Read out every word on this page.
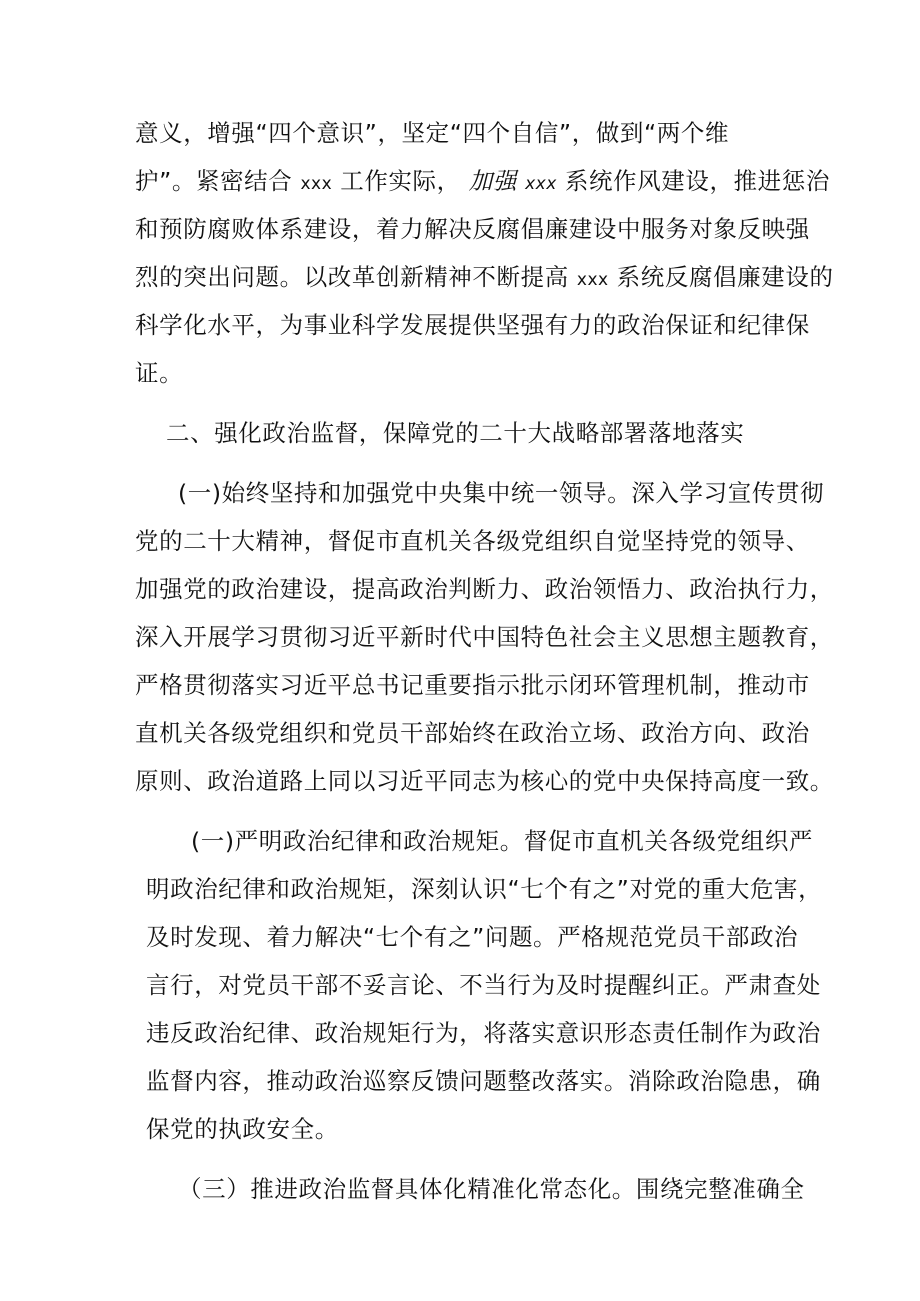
意义，增强“四个意识”，坚定“四个自信”，做到“两个维
护”。紧密结合 xxx 工作实际， 加强 xxx 系统作风建设，推进惩治
和预防腐败体系建设，着力解决反腐倡廉建设中服务对象反映强
烈的突出问题。以改革创新精神不断提高 xxx 系统反腐倡廉建设的
科学化水平，为事业科学发展提供坚强有力的政治保证和纪律保
证。
二、强化政治监督，保障党的二十大战略部署落地落实
(一)始终坚持和加强党中央集中统一领导。深入学习宣传贯彻
党的二十大精神，督促市直机关各级党组织自觉坚持党的领导、
加强党的政治建设，提高政治判断力、政治领悟力、政治执行力，
深入开展学习贯彻习近平新时代中国特色社会主义思想主题教育，
严格贯彻落实习近平总书记重要指示批示闭环管理机制，推动市
直机关各级党组织和党员干部始终在政治立场、政治方向、政治
原则、政治道路上同以习近平同志为核心的党中央保持高度一致。
(一)严明政治纪律和政治规矩。督促市直机关各级党组织严
明政治纪律和政治规矩，深刻认识“七个有之”对党的重大危害，
及时发现、着力解决“七个有之”问题。严格规范党员干部政治
言行，对党员干部不妥言论、不当行为及时提醒纠正。严肃查处
违反政治纪律、政治规矩行为，将落实意识形态责任制作为政治
监督内容，推动政治巡察反馈问题整改落实。消除政治隐患，确
保党的执政安全。
（三）推进政治监督具体化精准化常态化。围绕完整准确全
